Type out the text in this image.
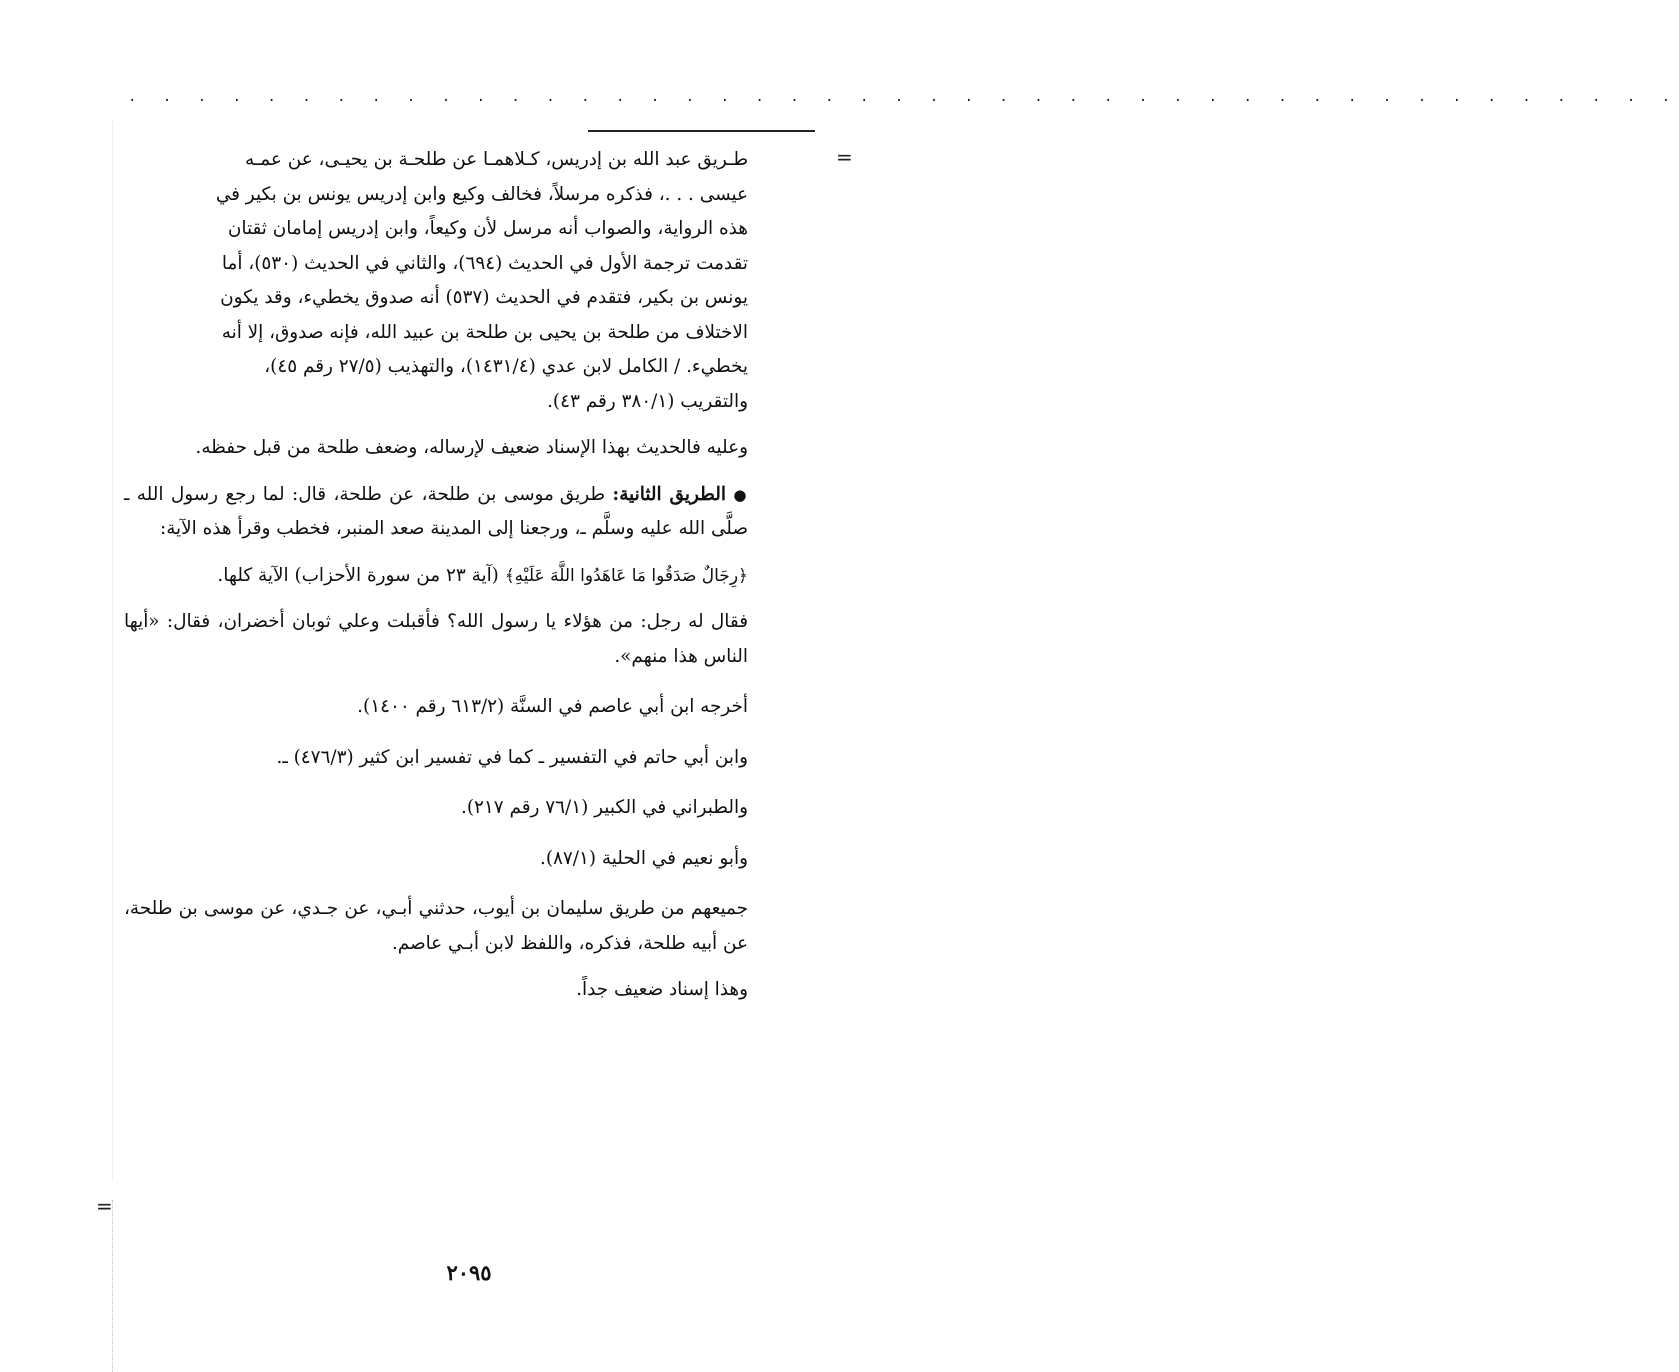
. . . . . . . . . . . . . . . . . . . . . . . . . . . . . . . . . . . . . . . . . . . . .
=
=

طـريق عبد الله بن إدريس، كـلاهمـا عن طلحـة بن يحيـى، عن عمـه

عيسى . . .، فذكره مرسلاً، فخالف وكيع وابن إدريس يونس بن بكير في

هذه الرواية، والصواب أنه مرسل لأن وكيعاً، وابن إدريس إمامان ثقتان

تقدمت ترجمة الأول في الحديث (٦٩٤)، والثاني في الحديث (٥٣٠)، أما

يونس بن بكير، فتقدم في الحديث (٥٣٧) أنه صدوق يخطيء، وقد يكون

الاختلاف من طلحة بن يحيى بن طلحة بن عبيد الله، فإنه صدوق، إلا أنه

يخطيء. / الكامل لابن عدي (١٤٣١/٤)، والتهذيب (٢٧/٥ رقم ٤٥)،

والتقريب (٣٨٠/١ رقم ٤٣).

وعليه فالحديث بهذا الإسناد ضعيف لإرساله، وضعف طلحة من قبل حفظه.

● الطريق الثانية: طريق موسى بن طلحة، عن طلحة، قال: لما رجع رسول الله ـ صلَّى الله عليه وسلَّم ـ، ورجعنا إلى المدينة صعد المنبر، فخطب وقرأ هذه الآية:

﴿رِجَالٌ صَدَقُوا مَا عَاهَدُوا اللَّهَ عَلَيْهِ﴾ (آية ٢٣ من سورة الأحزاب) الآية كلها.

فقال له رجل: من هؤلاء يا رسول الله؟ فأقبلت وعلي ثوبان أخضران، فقال: «أيها الناس هذا منهم».

أخرجه ابن أبي عاصم في السنَّة (٦١٣/٢ رقم ١٤٠٠).

وابن أبي حاتم في التفسير ـ كما في تفسير ابن كثير (٤٧٦/٣) ـ.

والطبراني في الكبير (٧٦/١ رقم ٢١٧).

وأبو نعيم في الحلية (٨٧/١).

جميعهم من طريق سليمان بن أيوب، حدثني أبـي، عن جـدي، عن موسى بن طلحة، عن أبيه طلحة، فذكره، واللفظ لابن أبـي عاصم.

وهذا إسناد ضعيف جداً.

٢٠٩٥
